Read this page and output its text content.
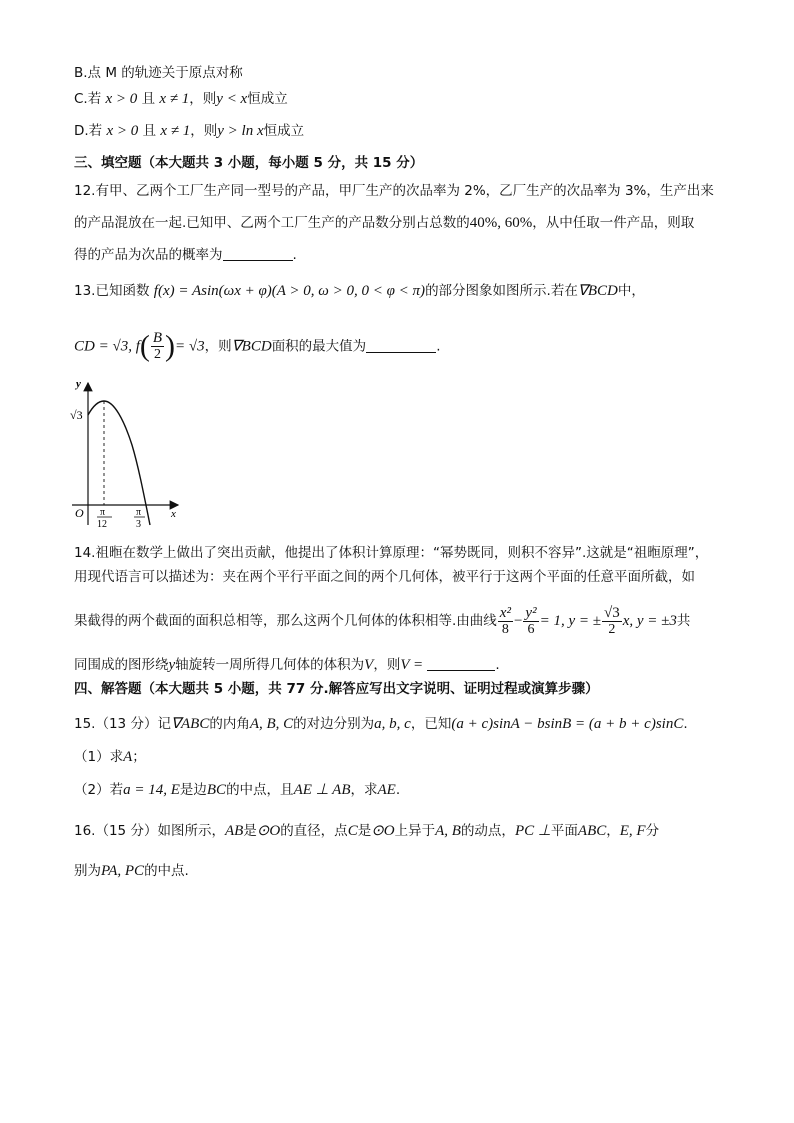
B.点 M 的轨迹关于原点对称
C.若 x > 0 且 x ≠ 1，则y < x恒成立
D.若 x > 0 且 x ≠ 1，则y > ln x恒成立
三、填空题（本大题共 3 小题，每小题 5 分，共 15 分）
12.有甲、乙两个工厂生产同一型号的产品，甲厂生产的次品率为 2%，乙厂生产的次品率为 3%，生产出来
的产品混放在一起.已知甲、乙两个工厂生产的产品数分别占总数的40%, 60%，从中任取一件产品，则取
得的产品为次品的概率为	.
13.已知函数 f(x) = Asin(ωx + φ)(A > 0, ω > 0, 0 < φ < π)的部分图象如图所示.若在∇BCD中，
CD = √3, $f( \frac{B}{2}$ )= √3，则∇BCD面积的最大值为	.
y
x
O
√3
π
12
π
3
14.祖暅在数学上做出了突出贡献，他提出了体积计算原理：“幂势既同，则积不容异”.这就是“祖暅原理”，
用现代语言可以描述为：夹在两个平行平面之间的两个几何体，被平行于这两个平面的任意平面所截，如
果截得的两个截面的面积总相等，那么这两个几何体的体积相等.由曲线 $\frac{\text{x²}}{8} - \frac{\text{y²}}{6} = 1$, y = ± $\frac{√3}{2} x$, y = ±3共
同围成的图形绕y轴旋转一周所得几何体的体积为V，则V =	.
四、解答题（本大题共 5 小题，共 77 分.解答应写出文字说明、证明过程或演算步骤）
15.（13 分）记∇ABC的内角A, B, C的对边分别为a, b, c，已知(a + c)sinA − bsinB = (a + b + c)sinC.
（1）求A；
（2）若a = 14, E是边BC的中点，且AE ⊥ AB，求AE.
16.（15 分）如图所示，AB是⊙O的直径，点C是⊙O上异于A, B的动点，PC ⊥平面ABC，E, F分
别为PA, PC的中点.
